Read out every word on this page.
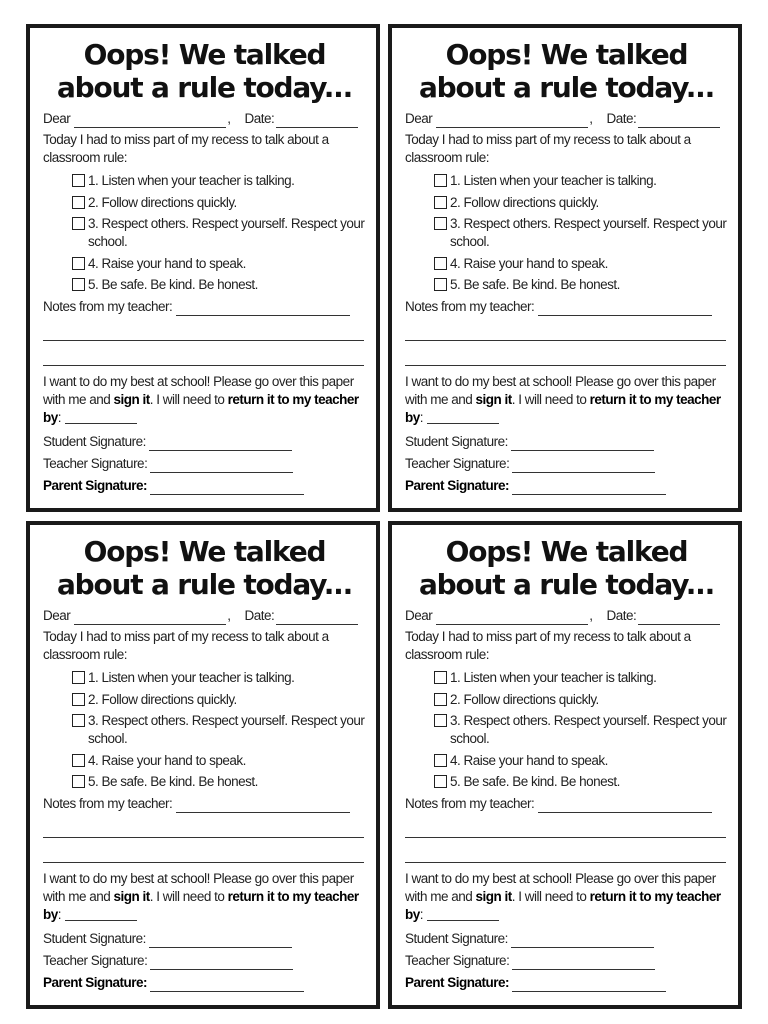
Oops! We talked
about a rule today...
Dear	, Date:
Today I had to miss part of my recess to talk about a classroom rule:
1. Listen when your teacher is talking.
2. Follow directions quickly.
3. Respect others. Respect yourself. Respect your school.
4. Raise your hand to speak.
5. Be safe. Be kind. Be honest.
Notes from my teacher:
I want to do my best at school! Please go over this paper with me and sign it. I will need to return it to my teacher by:
Student Signature:
Teacher Signature:
Parent Signature:
Oops! We talked
about a rule today...
Dear	, Date:
Today I had to miss part of my recess to talk about a classroom rule:
1. Listen when your teacher is talking.
2. Follow directions quickly.
3. Respect others. Respect yourself. Respect your school.
4. Raise your hand to speak.
5. Be safe. Be kind. Be honest.
Notes from my teacher:
I want to do my best at school! Please go over this paper with me and sign it. I will need to return it to my teacher by:
Student Signature:
Teacher Signature:
Parent Signature:
Oops! We talked
about a rule today...
Dear	, Date:
Today I had to miss part of my recess to talk about a classroom rule:
1. Listen when your teacher is talking.
2. Follow directions quickly.
3. Respect others. Respect yourself. Respect your school.
4. Raise your hand to speak.
5. Be safe. Be kind. Be honest.
Notes from my teacher:
I want to do my best at school! Please go over this paper with me and sign it. I will need to return it to my teacher by:
Student Signature:
Teacher Signature:
Parent Signature:
Oops! We talked
about a rule today...
Dear	, Date:
Today I had to miss part of my recess to talk about a classroom rule:
1. Listen when your teacher is talking.
2. Follow directions quickly.
3. Respect others. Respect yourself. Respect your school.
4. Raise your hand to speak.
5. Be safe. Be kind. Be honest.
Notes from my teacher:
I want to do my best at school! Please go over this paper with me and sign it. I will need to return it to my teacher by:
Student Signature:
Teacher Signature:
Parent Signature:
